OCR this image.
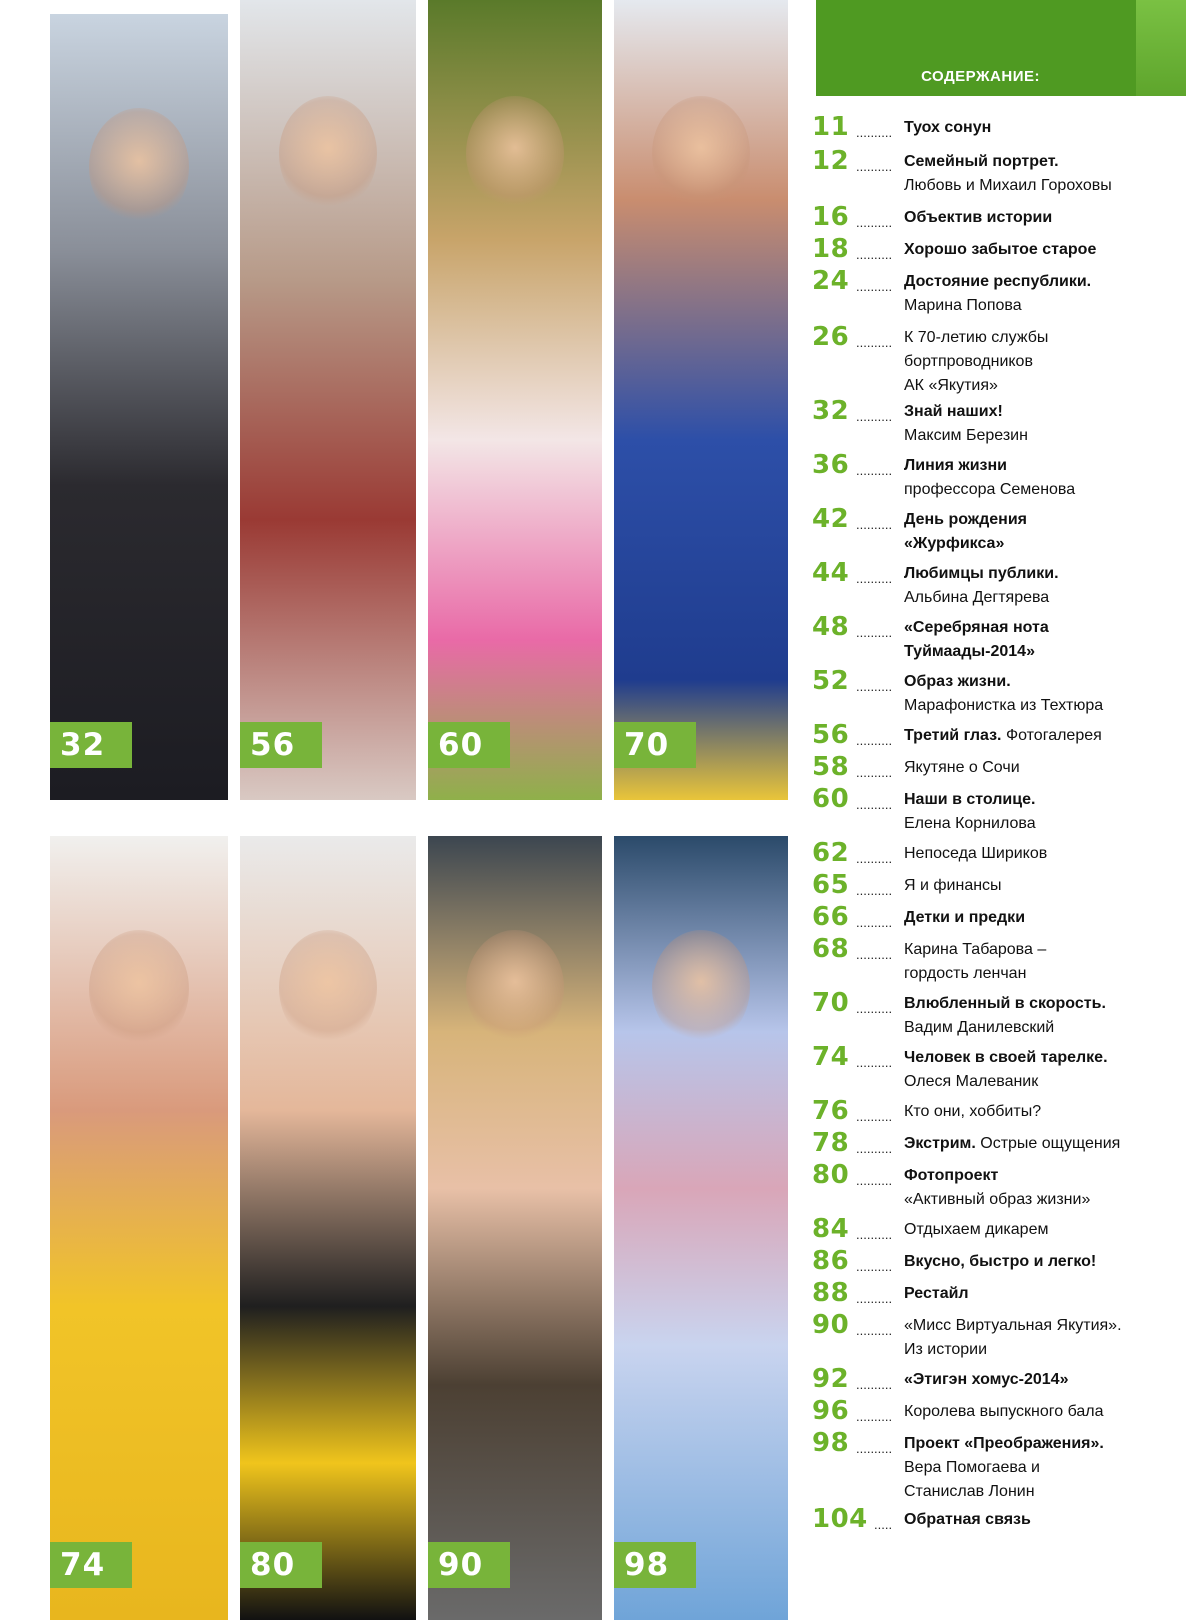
32	56	60	70
74	80	90	98
СОДЕРЖАНИЕ:
11 .......... Туох сонун
12 .......... Семейный портрет.
Любовь и Михаил Гороховы
16 .......... Объектив истории
18 .......... Хорошо забытое старое
24 .......... Достояние республики.
Марина Попова
26 .......... К 70-летию службы
бортпроводников
АК «Якутия»
32 .......... Знай наших!
Максим Березин
36 .......... Линия жизни
профессора Семенова
42 .......... День рождения
«Журфикса»
44 .......... Любимцы публики.
Альбина Дегтярева
48 .......... «Серебряная нота
Туймаады-2014»
52 .......... Образ жизни.
Марафонистка из Техтюра
56 .......... Третий глаз. Фотогалерея
58 .......... Якутяне о Сочи
60 .......... Наши в столице.
Елена Корнилова
62 .......... Непоседа Шириков
65 .......... Я и финансы
66 .......... Детки и предки
68 .......... Карина Табарова –
гордость ленчан
70 .......... Влюбленный в скорость.
Вадим Данилевский
74 .......... Человек в своей тарелке.
Олеся Малеваник
76 .......... Кто они, хоббиты?
78 .......... Экстрим. Острые ощущения
80 .......... Фотопроект
«Активный образ жизни»
84 .......... Отдыхаем дикарем
86 .......... Вкусно, быстро и легко!
88 .......... Рестайл
90 .......... «Мисс Виртуальная Якутия».
Из истории
92 .......... «Этигэн хомус-2014»
96 .......... Королева выпускного бала
98 .......... Проект «Преображения».
Вера Помогаева и
Станислав Лонин
104 ..... Обратная связь
